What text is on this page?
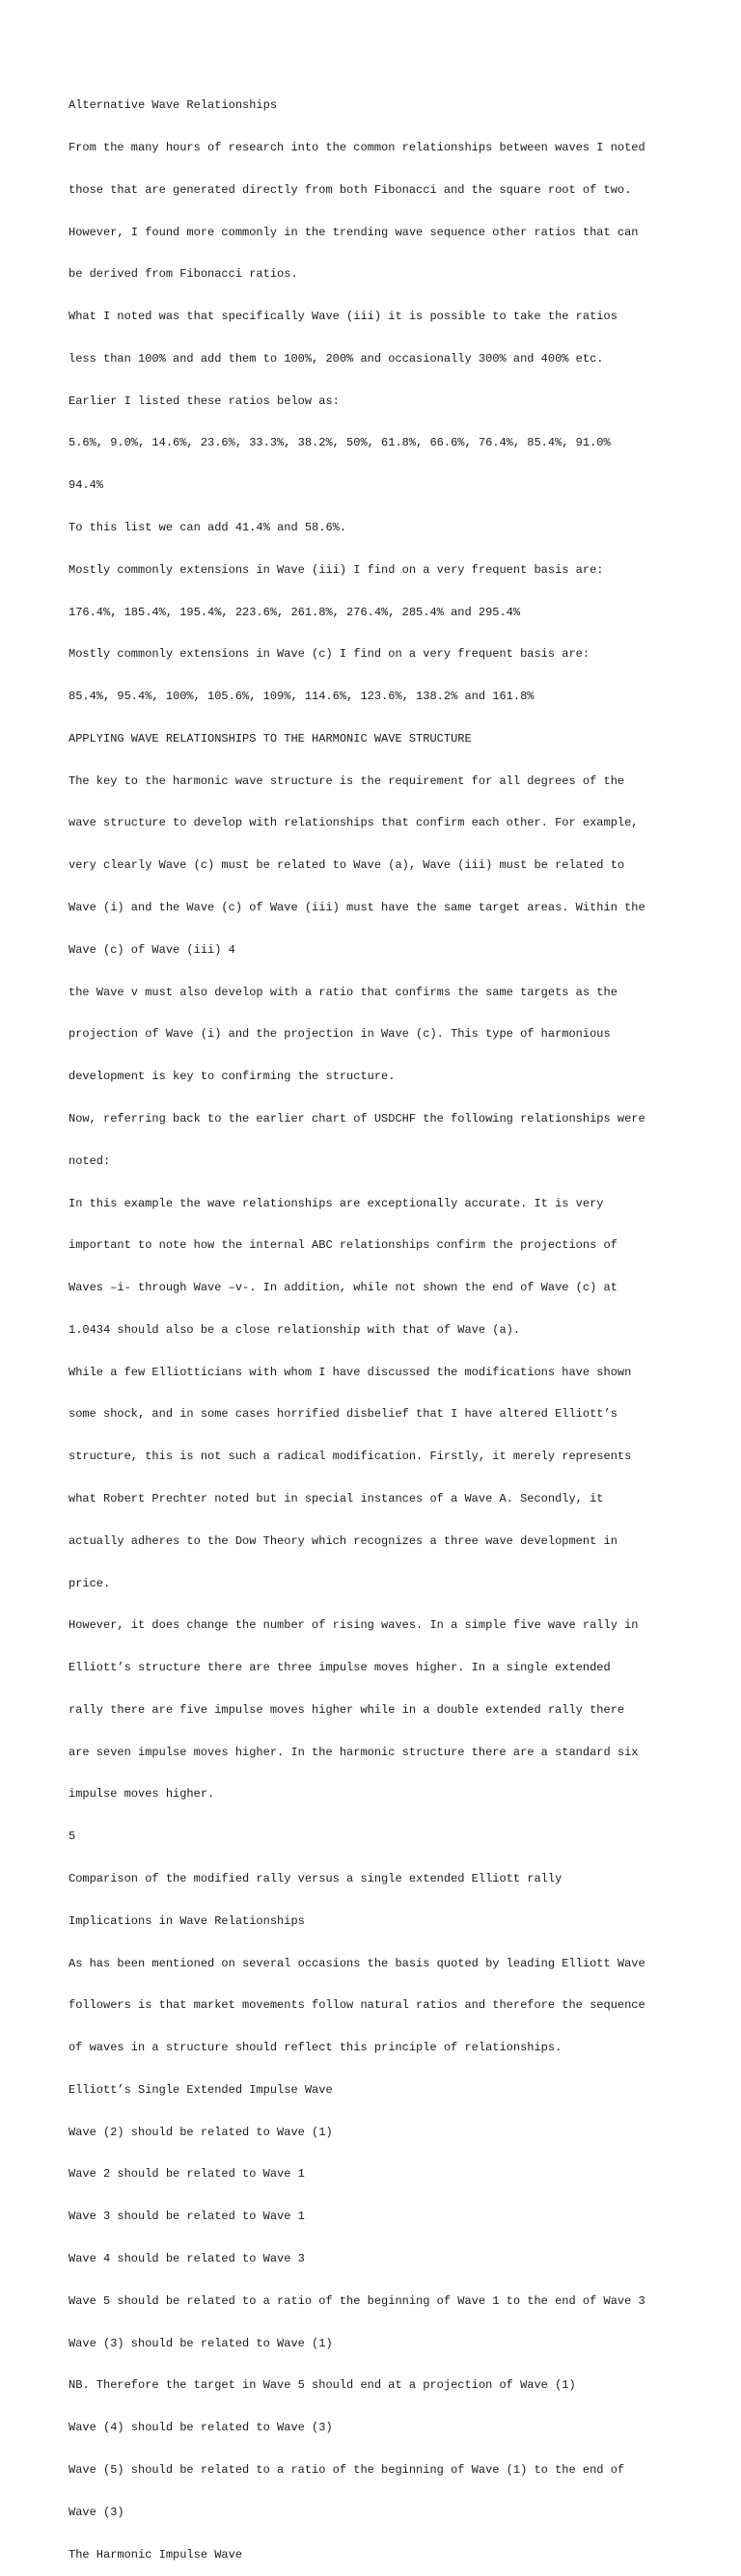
Alternative Wave Relationships

From the many hours of research into the common relationships between waves I noted

those that are generated directly from both Fibonacci and the square root of two.

However, I found more commonly in the trending wave sequence other ratios that can

be derived from Fibonacci ratios.

What I noted was that specifically Wave (iii) it is possible to take the ratios

less than 100% and add them to 100%, 200% and occasionally 300% and 400% etc.

Earlier I listed these ratios below as:

5.6%, 9.0%, 14.6%, 23.6%, 33.3%, 38.2%, 50%, 61.8%, 66.6%, 76.4%, 85.4%, 91.0%

94.4%

To this list we can add 41.4% and 58.6%.

Mostly commonly extensions in Wave (iii) I find on a very frequent basis are:

176.4%, 185.4%, 195.4%, 223.6%, 261.8%, 276.4%, 285.4% and 295.4%

Mostly commonly extensions in Wave (c) I find on a very frequent basis are:

85.4%, 95.4%, 100%, 105.6%, 109%, 114.6%, 123.6%, 138.2% and 161.8%

APPLYING WAVE RELATIONSHIPS TO THE HARMONIC WAVE STRUCTURE

The key to the harmonic wave structure is the requirement for all degrees of the

wave structure to develop with relationships that confirm each other. For example,

very clearly Wave (c) must be related to Wave (a), Wave (iii) must be related to

Wave (i) and the Wave (c) of Wave (iii) must have the same target areas. Within the

Wave (c) of Wave (iii) 4

the Wave v must also develop with a ratio that confirms the same targets as the

projection of Wave (i) and the projection in Wave (c). This type of harmonious

development is key to confirming the structure.

Now, referring back to the earlier chart of USDCHF the following relationships were

noted:

In this example the wave relationships are exceptionally accurate. It is very

important to note how the internal ABC relationships confirm the projections of

Waves –i- through Wave –v-. In addition, while not shown the end of Wave (c) at

1.0434 should also be a close relationship with that of Wave (a).

While a few Elliotticians with whom I have discussed the modifications have shown

some shock, and in some cases horrified disbelief that I have altered Elliott’s

structure, this is not such a radical modification. Firstly, it merely represents

what Robert Prechter noted but in special instances of a Wave A. Secondly, it

actually adheres to the Dow Theory which recognizes a three wave development in

price.

However, it does change the number of rising waves. In a simple five wave rally in

Elliott’s structure there are three impulse moves higher. In a single extended

rally there are five impulse moves higher while in a double extended rally there

are seven impulse moves higher. In the harmonic structure there are a standard six

impulse moves higher.

5

Comparison of the modified rally versus a single extended Elliott rally

Implications in Wave Relationships

As has been mentioned on several occasions the basis quoted by leading Elliott Wave

followers is that market movements follow natural ratios and therefore the sequence

of waves in a structure should reflect this principle of relationships.

Elliott’s Single Extended Impulse Wave

Wave (2) should be related to Wave (1)

Wave 2 should be related to Wave 1

Wave 3 should be related to Wave 1

Wave 4 should be related to Wave 3

Wave 5 should be related to a ratio of the beginning of Wave 1 to the end of Wave 3

Wave (3) should be related to Wave (1)

NB. Therefore the target in Wave 5 should end at a projection of Wave (1)

Wave (4) should be related to Wave (3)

Wave (5) should be related to a ratio of the beginning of Wave (1) to the end of

Wave (3)

The Harmonic Impulse Wave
